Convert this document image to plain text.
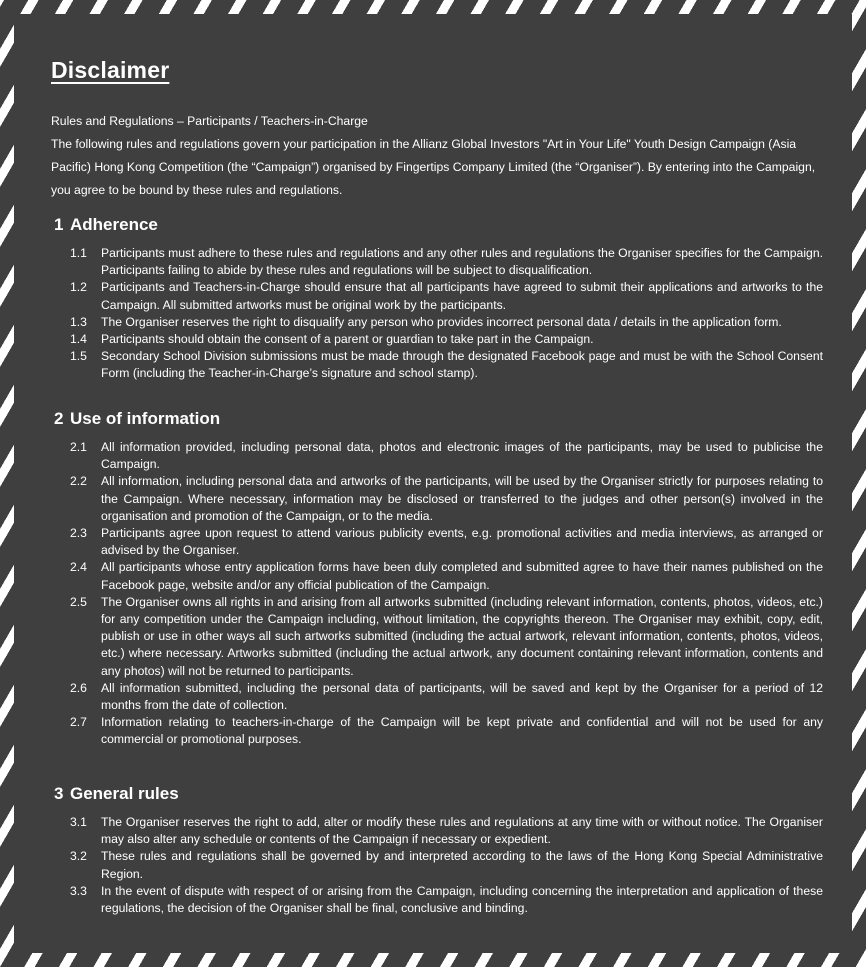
Disclaimer

Rules and Regulations – Participants / Teachers-in-Charge

The following rules and regulations govern your participation in the Allianz Global Investors "Art in Your Life" Youth Design Campaign (Asia Pacific) Hong Kong Competition (the “Campaign”) organised by Fingertips Company Limited (the “Organiser”). By entering into the Campaign, you agree to be bound by these rules and regulations.

1 Adherence
1.1	Participants must adhere to these rules and regulations and any other rules and regulations the Organiser specifies for the Campaign. Participants failing to abide by these rules and regulations will be subject to disqualification.
1.2	Participants and Teachers-in-Charge should ensure that all participants have agreed to submit their applications and artworks to the Campaign. All submitted artworks must be original work by the participants.
1.3	The Organiser reserves the right to disqualify any person who provides incorrect personal data / details in the application form.
1.4	Participants should obtain the consent of a parent or guardian to take part in the Campaign.
1.5	Secondary School Division submissions must be made through the designated Facebook page and must be with the School Consent Form (including the Teacher-in-Charge’s signature and school stamp).
2 Use of information
2.1	All information provided, including personal data, photos and electronic images of the participants, may be used to publicise the Campaign.
2.2	All information, including personal data and artworks of the participants, will be used by the Organiser strictly for purposes relating to the Campaign. Where necessary, information may be disclosed or transferred to the judges and other person(s) involved in the organisation and promotion of the Campaign, or to the media.
2.3	Participants agree upon request to attend various publicity events, e.g. promotional activities and media interviews, as arranged or advised by the Organiser.
2.4	All participants whose entry application forms have been duly completed and submitted agree to have their names published on the Facebook page, website and/or any official publication of the Campaign.
2.5	The Organiser owns all rights in and arising from all artworks submitted (including relevant information, contents, photos, videos, etc.) for any competition under the Campaign including, without limitation, the copyrights thereon. The Organiser may exhibit, copy, edit, publish or use in other ways all such artworks submitted (including the actual artwork, relevant information, contents, photos, videos, etc.) where necessary. Artworks submitted (including the actual artwork, any document containing relevant information, contents and any photos) will not be returned to participants.
2.6	All information submitted, including the personal data of participants, will be saved and kept by the Organiser for a period of 12 months from the date of collection.
2.7	Information relating to teachers-in-charge of the Campaign will be kept private and confidential and will not be used for any commercial or promotional purposes.
3 General rules
3.1	The Organiser reserves the right to add, alter or modify these rules and regulations at any time with or without notice. The Organiser may also alter any schedule or contents of the Campaign if necessary or expedient.
3.2	These rules and regulations shall be governed by and interpreted according to the laws of the Hong Kong Special Administrative Region.
3.3	In the event of dispute with respect of or arising from the Campaign, including concerning the interpretation and application of these regulations, the decision of the Organiser shall be final, conclusive and binding.
